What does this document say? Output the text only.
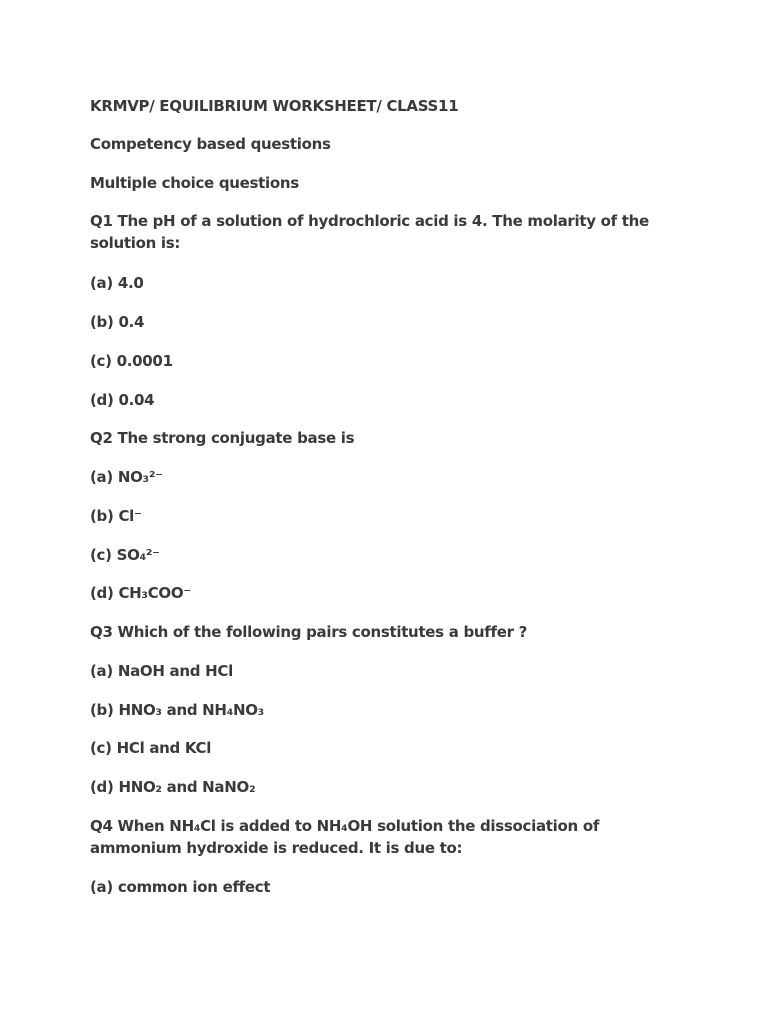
KRMVP/ EQUILIBRIUM WORKSHEET/ CLASS11

Competency based questions

Multiple choice questions

Q1 The pH of a solution of hydrochloric acid is 4. The molarity of the solution is:

(a) 4.0

(b) 0.4

(c) 0.0001

(d) 0.04

Q2 The strong conjugate base is

(a) NO₃²⁻

(b) Cl⁻

(c) SO₄²⁻

(d) CH₃COO⁻

Q3 Which of the following pairs constitutes a buffer ?

(a) NaOH and HCl

(b) HNO₃ and NH₄NO₃

(c) HCl and KCl

(d) HNO₂ and NaNO₂

Q4 When NH₄Cl is added to NH₄OH solution the dissociation of ammonium hydroxide is reduced. It is due to:

(a) common ion effect
